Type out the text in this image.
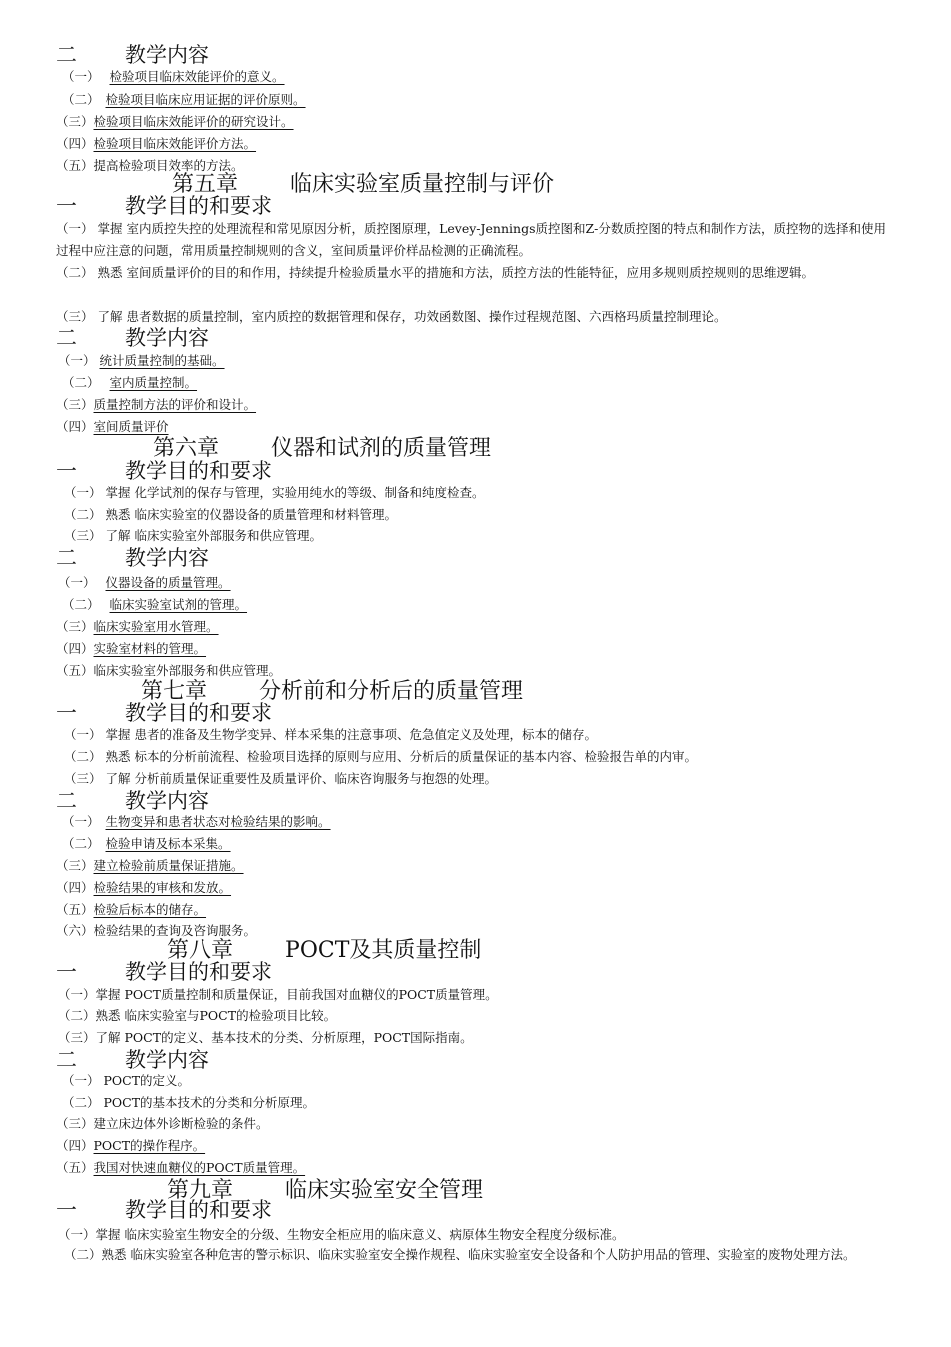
二 教学内容
（一） 检验项目临床效能评价的意义。
（二） 检验项目临床应用证据的评价原则。
（三）检验项目临床效能评价的研究设计。
（四）检验项目临床效能评价方法。
（五）提高检验项目效率的方法。
第五章 临床实验室质量控制与评价
一 教学目的和要求
（一） 掌握 室内质控失控的处理流程和常见原因分析，质控图原理，Levey-Jennings质控图和Z-分数质控图的特点和制作方法，质控物的选择和使用过程中应注意的问题，常用质量控制规则的含义，室间质量评价样品检测的正确流程。
（二） 熟悉 室间质量评价的目的和作用，持续提升检验质量水平的措施和方法，质控方法的性能特征，应用多规则质控规则的思维逻辑。
（三） 了解 患者数据的质量控制，室内质控的数据管理和保存，功效函数图、操作过程规范图、六西格玛质量控制理论。
二 教学内容
（一） 统计质量控制的基础。
（二） 室内质量控制。
（三）质量控制方法的评价和设计。
（四）室间质量评价
第六章 仪器和试剂的质量管理
一 教学目的和要求
（一） 掌握 化学试剂的保存与管理，实验用纯水的等级、制备和纯度检查。
（二） 熟悉 临床实验室的仪器设备的质量管理和材料管理。
（三） 了解 临床实验室外部服务和供应管理。
二 教学内容
（一） 仪器设备的质量管理。
（二） 临床实验室试剂的管理。
（三）临床实验室用水管理。
（四）实验室材料的管理。
（五）临床实验室外部服务和供应管理。
第七章 分析前和分析后的质量管理
一 教学目的和要求
（一） 掌握 患者的准备及生物学变异、样本采集的注意事项、危急值定义及处理，标本的储存。
（二） 熟悉 标本的分析前流程、检验项目选择的原则与应用、分析后的质量保证的基本内容、检验报告单的内审。
（三） 了解 分析前质量保证重要性及质量评价、临床咨询服务与抱怨的处理。
二 教学内容
（一） 生物变异和患者状态对检验结果的影响。
（二） 检验申请及标本采集。
（三）建立检验前质量保证措施。
（四）检验结果的审核和发放。
（五）检验后标本的储存。
（六）检验结果的查询及咨询服务。
第八章 POCT及其质量控制
一 教学目的和要求
（一）掌握 POCT质量控制和质量保证，目前我国对血糖仪的POCT质量管理。
（二）熟悉 临床实验室与POCT的检验项目比较。
（三）了解 POCT的定义、基本技术的分类、分析原理，POCT国际指南。
二 教学内容
（一） POCT的定义。
（二） POCT的基本技术的分类和分析原理。
（三）建立床边体外诊断检验的条件。
（四）POCT的操作程序。
（五）我国对快速血糖仪的POCT质量管理。
第九章 临床实验室安全管理
一 教学目的和要求
（一）掌握 临床实验室生物安全的分级、生物安全柜应用的临床意义、病原体生物安全程度分级标准。
（二）熟悉 临床实验室各种危害的警示标识、临床实验室安全操作规程、临床实验室安全设备和个人防护用品的管理、实验室的废物处理方法。
